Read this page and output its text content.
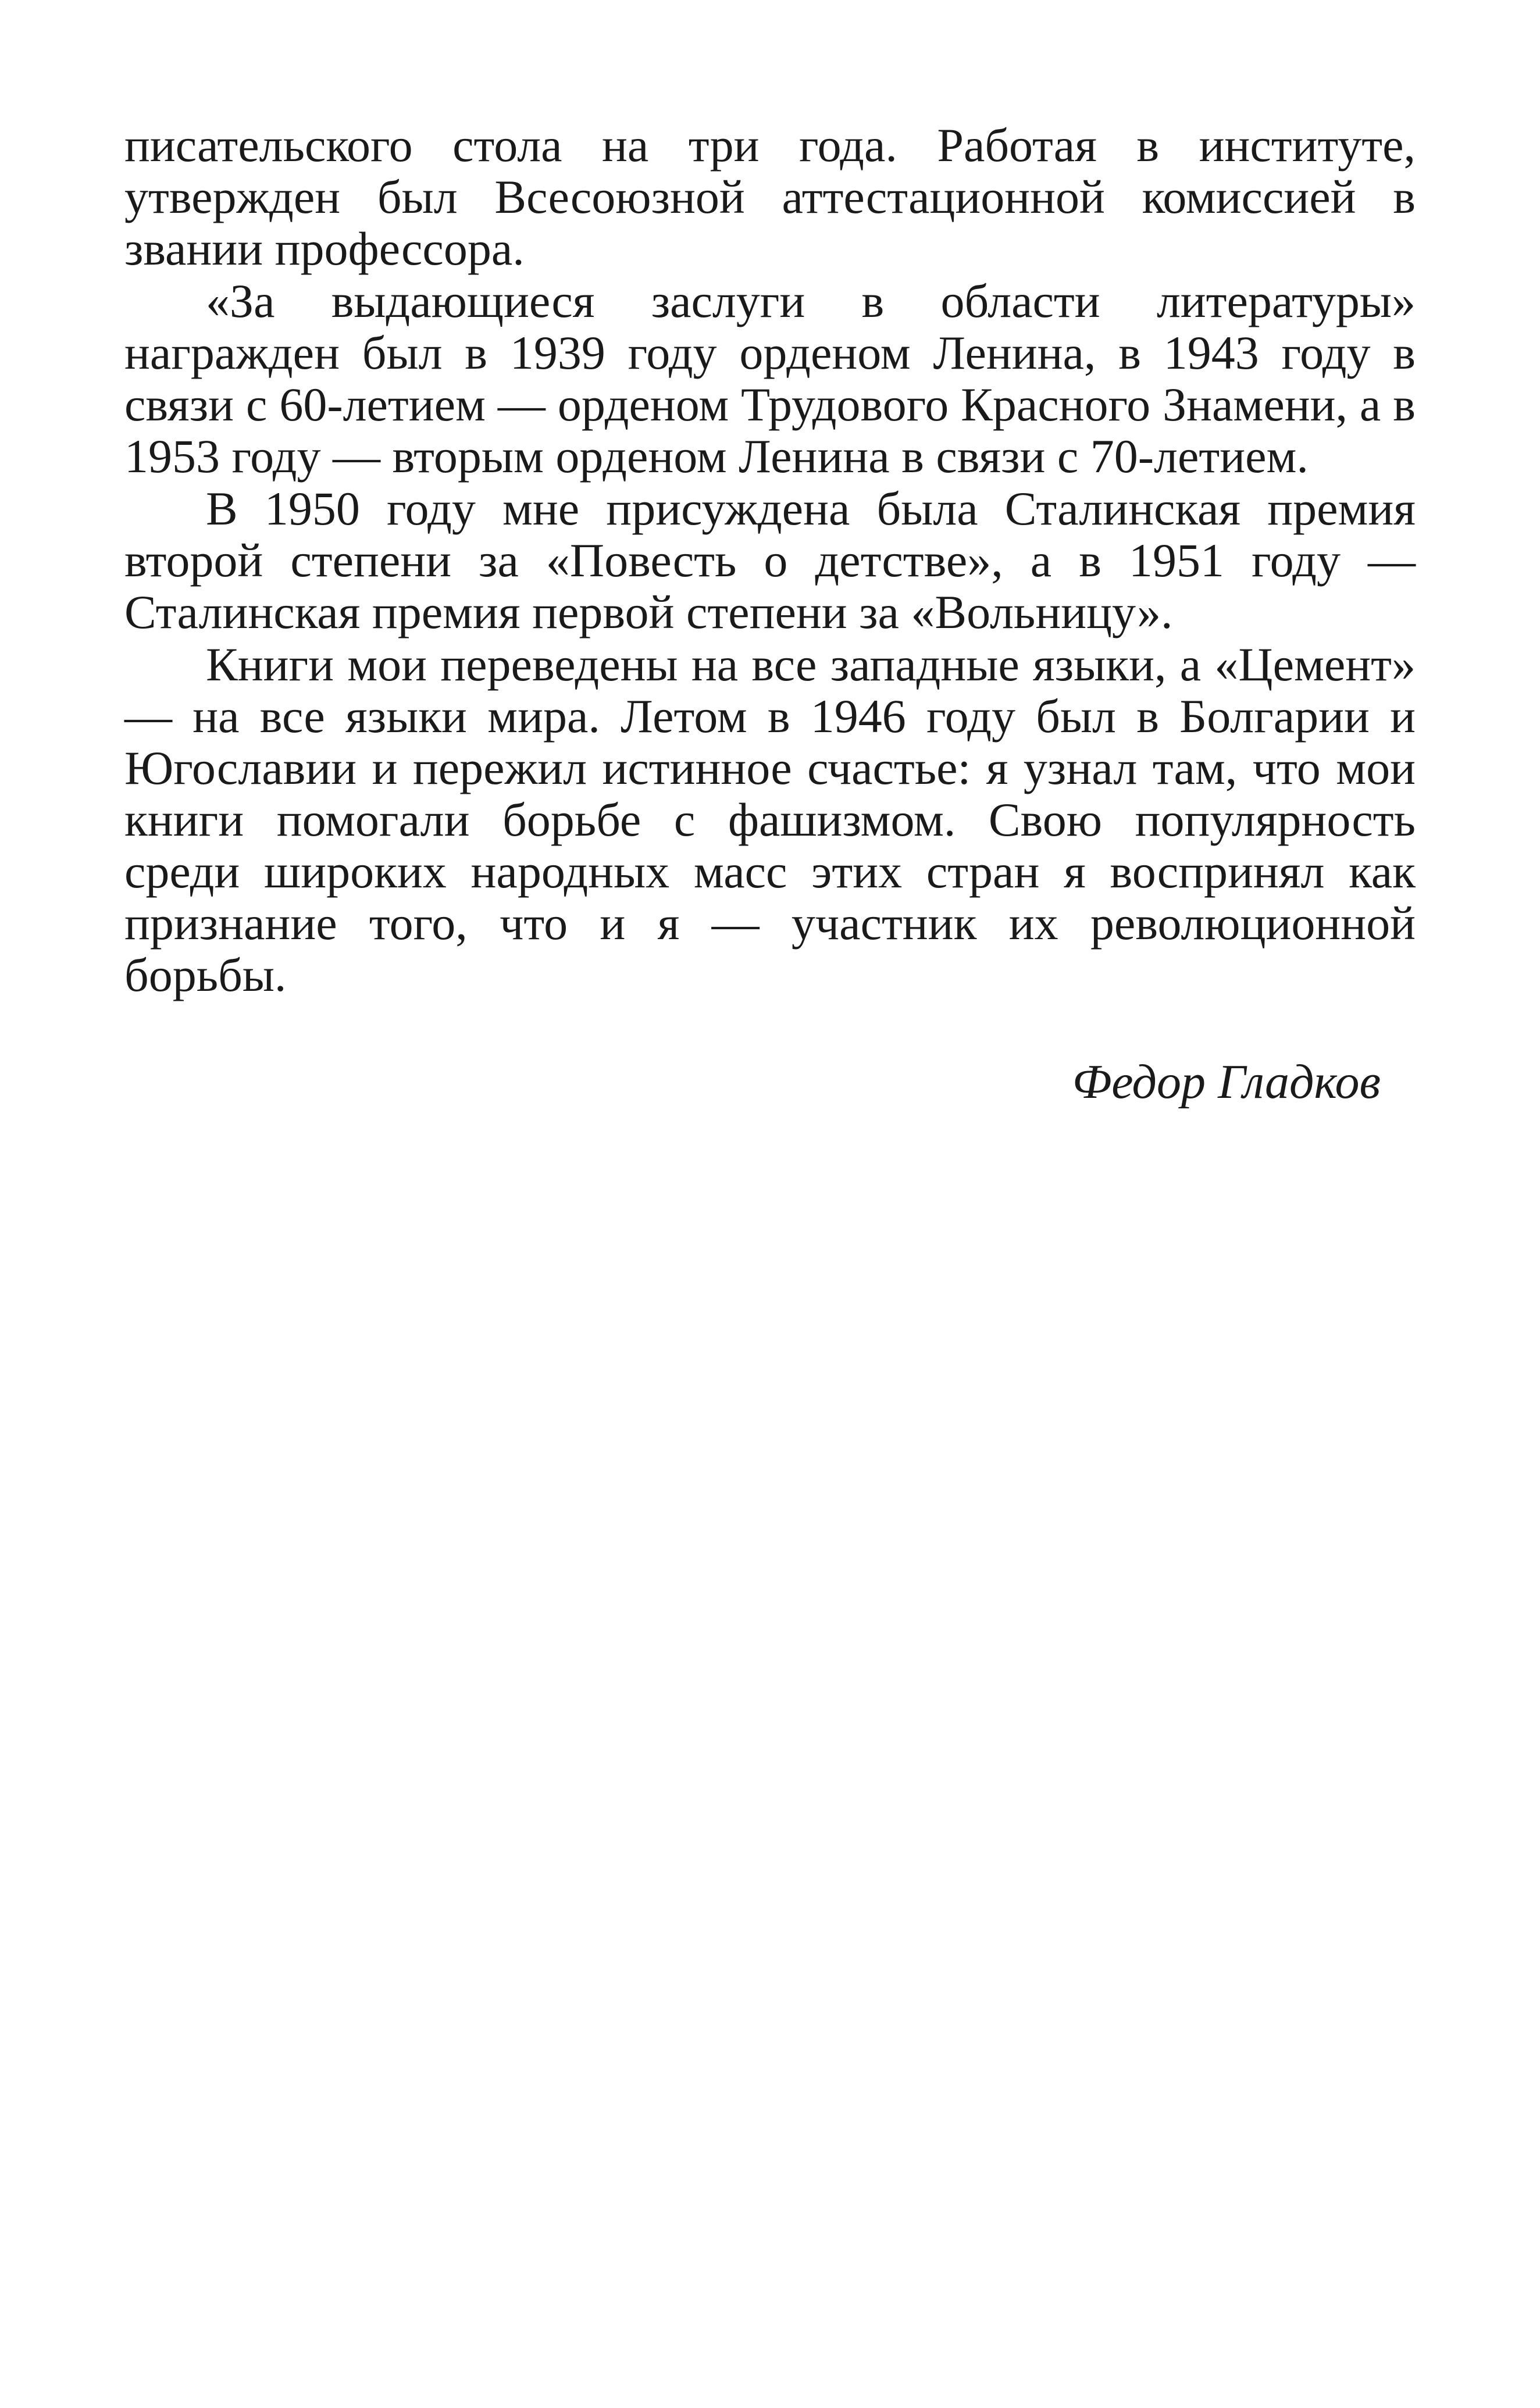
писательского стола на три года. Работая в институте, утвержден был Всесоюзной аттестационной комиссией в звании профессора.

«За выдающиеся заслуги в области литературы» награжден был в 1939 году орденом Ленина, в 1943 году в связи с 60-летием — орденом Трудового Красного Знамени, а в 1953 году — вторым орденом Ленина в связи с 70-летием.

В 1950 году мне присуждена была Сталинская премия второй степени за «Повесть о детстве», а в 1951 году — Сталинская премия первой степени за «Вольницу».

Книги мои переведены на все западные языки, а «Цемент» — на все языки мира. Летом в 1946 году был в Болгарии и Югославии и пережил истинное счастье: я узнал там, что мои книги помогали борьбе с фашизмом. Свою популярность среди широких народных масс этих стран я воспринял как признание того, что и я — участник их революционной борьбы.

Федор Гладков
